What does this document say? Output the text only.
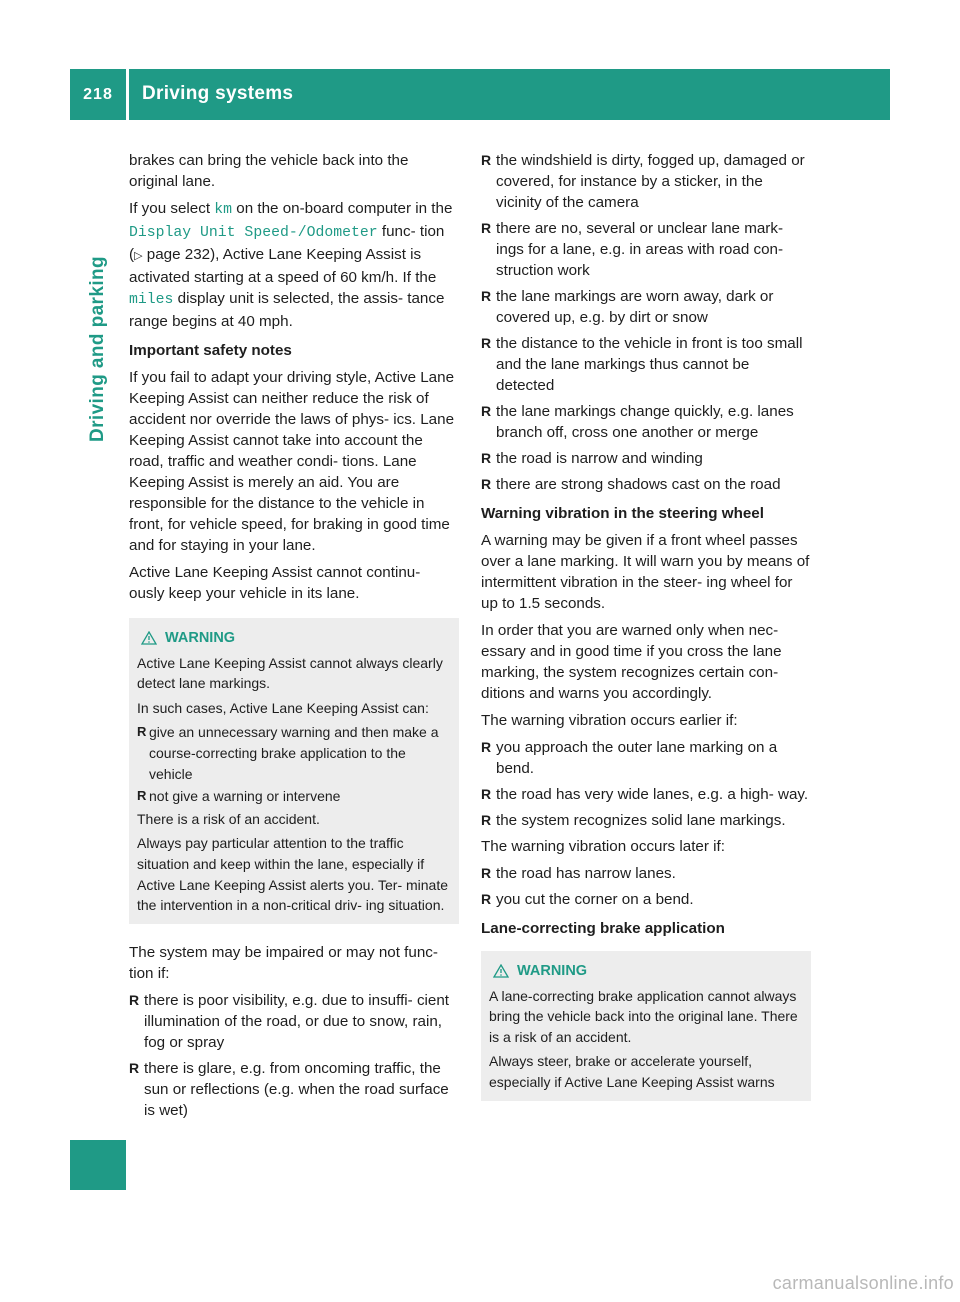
218	Driving systems
Driving and parking

brakes can bring the vehicle back into the original lane.

If you select km on the on-board computer in the Display Unit Speed-/Odometer func- tion (▷ page 232), Active Lane Keeping Assist is activated starting at a speed of 60 km/h. If the miles display unit is selected, the assis- tance range begins at 40 mph.

Important safety notes

If you fail to adapt your driving style, Active Lane Keeping Assist can neither reduce the risk of accident nor override the laws of phys- ics. Lane Keeping Assist cannot take into account the road, traffic and weather condi- tions. Lane Keeping Assist is merely an aid. You are responsible for the distance to the vehicle in front, for vehicle speed, for braking in good time and for staying in your lane.

Active Lane Keeping Assist cannot continu- ously keep your vehicle in its lane.

WARNING

Active Lane Keeping Assist cannot always clearly detect lane markings.

In such cases, Active Lane Keeping Assist can:

R give an unnecessary warning and then make a course-correcting brake application to the vehicle
R not give a warning or intervene

There is a risk of an accident.

Always pay particular attention to the traffic situation and keep within the lane, especially if Active Lane Keeping Assist alerts you. Ter- minate the intervention in a non-critical driv- ing situation.

The system may be impaired or may not func- tion if:

R there is poor visibility, e.g. due to insuffi- cient illumination of the road, or due to snow, rain, fog or spray
R there is glare, e.g. from oncoming traffic, the sun or reflections (e.g. when the road surface is wet)
R the windshield is dirty, fogged up, damaged or covered, for instance by a sticker, in the vicinity of the camera
R there are no, several or unclear lane mark- ings for a lane, e.g. in areas with road con- struction work
R the lane markings are worn away, dark or covered up, e.g. by dirt or snow
R the distance to the vehicle in front is too small and the lane markings thus cannot be detected
R the lane markings change quickly, e.g. lanes branch off, cross one another or merge
R the road is narrow and winding
R there are strong shadows cast on the road

Warning vibration in the steering wheel

A warning may be given if a front wheel passes over a lane marking. It will warn you by means of intermittent vibration in the steer- ing wheel for up to 1.5 seconds.

In order that you are warned only when nec- essary and in good time if you cross the lane marking, the system recognizes certain con- ditions and warns you accordingly.

The warning vibration occurs earlier if:

R you approach the outer lane marking on a bend.
R the road has very wide lanes, e.g. a high- way.
R the system recognizes solid lane markings.

The warning vibration occurs later if:

R the road has narrow lanes.
R you cut the corner on a bend.

Lane-correcting brake application

WARNING

A lane-correcting brake application cannot always bring the vehicle back into the original lane. There is a risk of an accident.

Always steer, brake or accelerate yourself, especially if Active Lane Keeping Assist warns

carmanualsonline.info
